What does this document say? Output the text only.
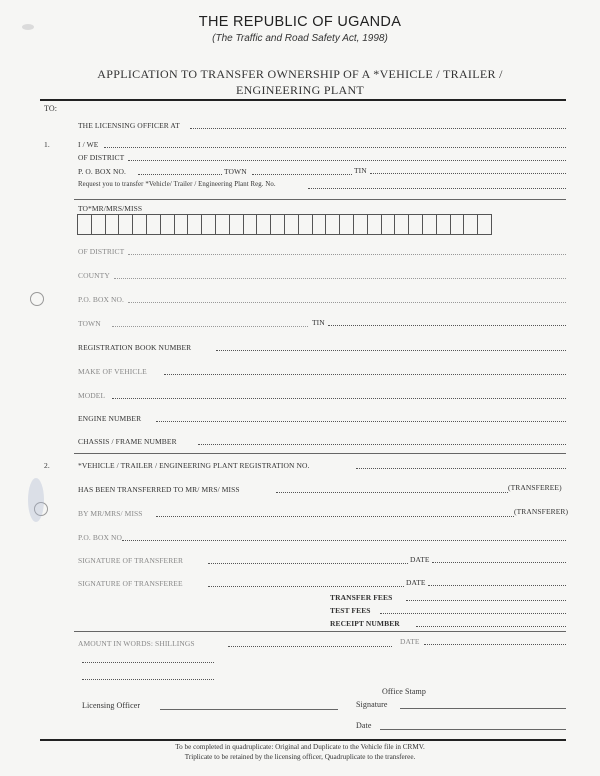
THE REPUBLIC OF UGANDA
(The Traffic and Road Safety Act, 1998)
APPLICATION TO TRANSFER OWNERSHIP OF A *VEHICLE / TRAILER /
ENGINEERING PLANT
TO:
THE LICENSING OFFICER AT
1.	I / WE
OF DISTRICT
P. O. BOX NO.	TOWN	TIN
Request you to transfer *Vehicle/ Trailer / Engineering Plant Reg. No.
TO*MR/MRS/MISS
OF DISTRICT
COUNTY
P.O. BOX NO.
TOWN	TIN
REGISTRATION BOOK NUMBER
MAKE OF VEHICLE
MODEL
ENGINE NUMBER
CHASSIS / FRAME NUMBER
2.	*VEHICLE / TRAILER / ENGINEERING PLANT REGISTRATION NO.
HAS BEEN TRANSFERRED TO MR/ MRS/ MISS	(TRANSFEREE)
BY MR/MRS/ MISS	(TRANSFERER)
P.O. BOX NO
SIGNATURE OF TRANSFERER	DATE
SIGNATURE OF TRANSFEREE	DATE
TRANSFER FEES
TEST FEES
RECEIPT NUMBER
AMOUNT IN WORDS: SHILLINGS	DATE
Office Stamp
Licensing Officer	Signature
Date
To be completed in quadruplicate: Original and Duplicate to the Vehicle file in CRMV.
Triplicate to be retained by the licensing officer, Quadruplicate to the transferee.
